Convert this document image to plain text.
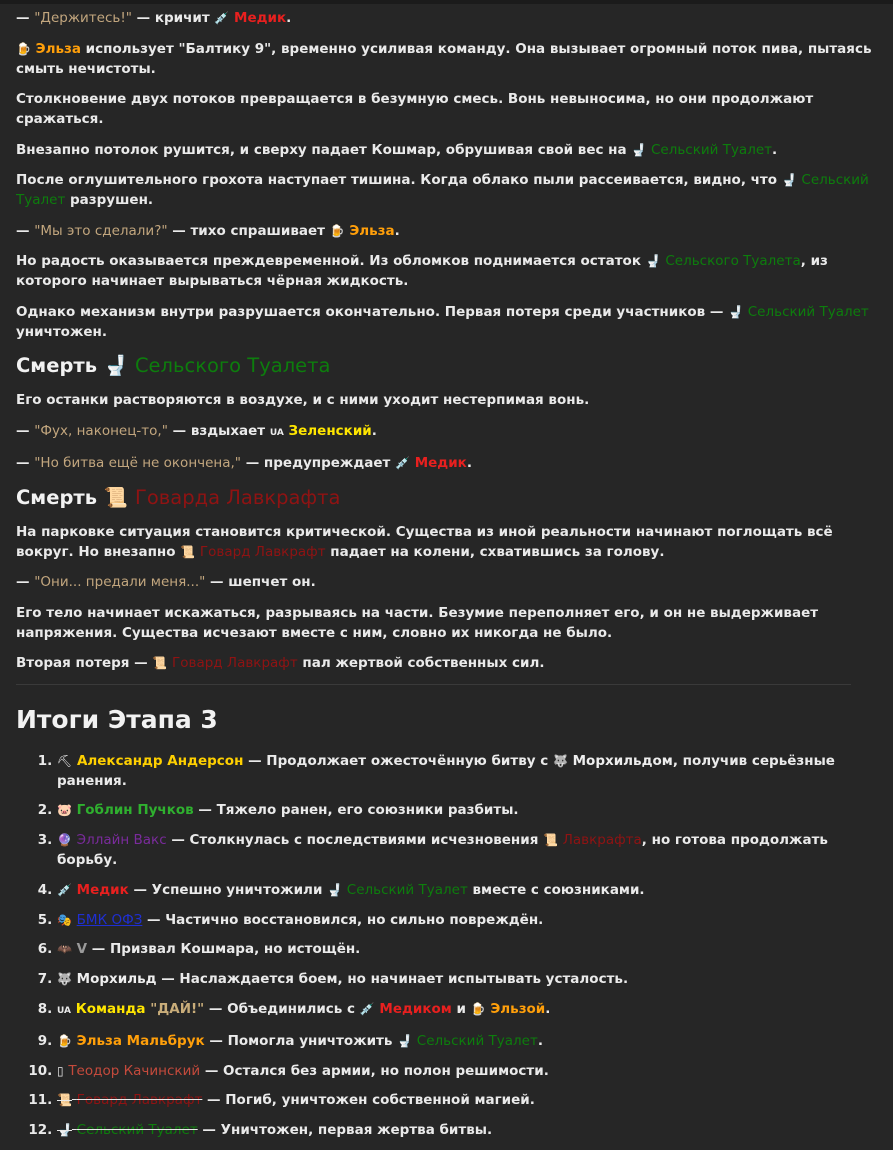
— "Держитесь!" — кричит 💉 Медик.

🍺 Эльза использует "Балтику 9", временно усиливая команду. Она вызывает огромный поток пива, пытаясь смыть нечистоты.

Столкновение двух потоков превращается в безумную смесь. Вонь невыносима, но они продолжают сражаться.

Внезапно потолок рушится, и сверху падает Кошмар, обрушивая свой вес на 🚽 Сельский Туалет.

После оглушительного грохота наступает тишина. Когда облако пыли рассеивается, видно, что 🚽 Сельский Туалет разрушен.

— "Мы это сделали?" — тихо спрашивает 🍺 Эльза.

Но радость оказывается преждевременной. Из обломков поднимается остаток 🚽 Сельского Туалета, из которого начинает вырываться чёрная жидкость.

Однако механизм внутри разрушается окончательно. Первая потеря среди участников — 🚽 Сельский Туалет уничтожен.

Смерть 🚽 Сельского Туалета

Его останки растворяются в воздухе, и с ними уходит нестерпимая вонь.

— "Фух, наконец-то," — вздыхает UA Зеленский.

— "Но битва ещё не окончена," — предупреждает 💉 Медик.

Смерть 📜 Говарда Лавкрафта

На парковке ситуация становится критической. Существа из иной реальности начинают поглощать всё вокруг. Но внезапно 📜 Говард Лавкрафт падает на колени, схватившись за голову.

— "Они... предали меня..." — шепчет он.

Его тело начинает искажаться, разрываясь на части. Безумие переполняет его, и он не выдерживает напряжения. Существа исчезают вместе с ним, словно их никогда не было.

Вторая потеря — 📜 Говард Лавкрафт пал жертвой собственных сил.

Итоги Этапа 3
1. ⛏ Александр Андерсон — Продолжает ожесточённую битву с 🐺 Морхильдом, получив серьёзные ранения.
2. 🐷 Гоблин Пучков — Тяжело ранен, его союзники разбиты.
3. 🔮 Эллайн Вакс — Столкнулась с последствиями исчезновения 📜 Лавкрафта, но готова продолжать борьбу.
4. 💉 Медик — Успешно уничтожили 🚽 Сельский Туалет вместе с союзниками.
5. 🎭 БМК ОФЗ — Частично восстановился, но сильно повреждён.
6. 🦇 V — Призвал Кошмара, но истощён.
7. 🐺 Морхильд — Наслаждается боем, но начинает испытывать усталость.
8. UA Команда "ДАЙ!" — Объединились с 💉 Медиком и 🍺 Эльзой.
9. 🍺 Эльза Мальбрук — Помогла уничтожить 🚽 Сельский Туалет.
10. ▯ Теодор Качинский — Остался без армии, но полон решимости.
11. 📜 Говард Лавкрафт — Погиб, уничтожен собственной магией.
12. 🚽 Сельский Туалет — Уничтожен, первая жертва битвы.
